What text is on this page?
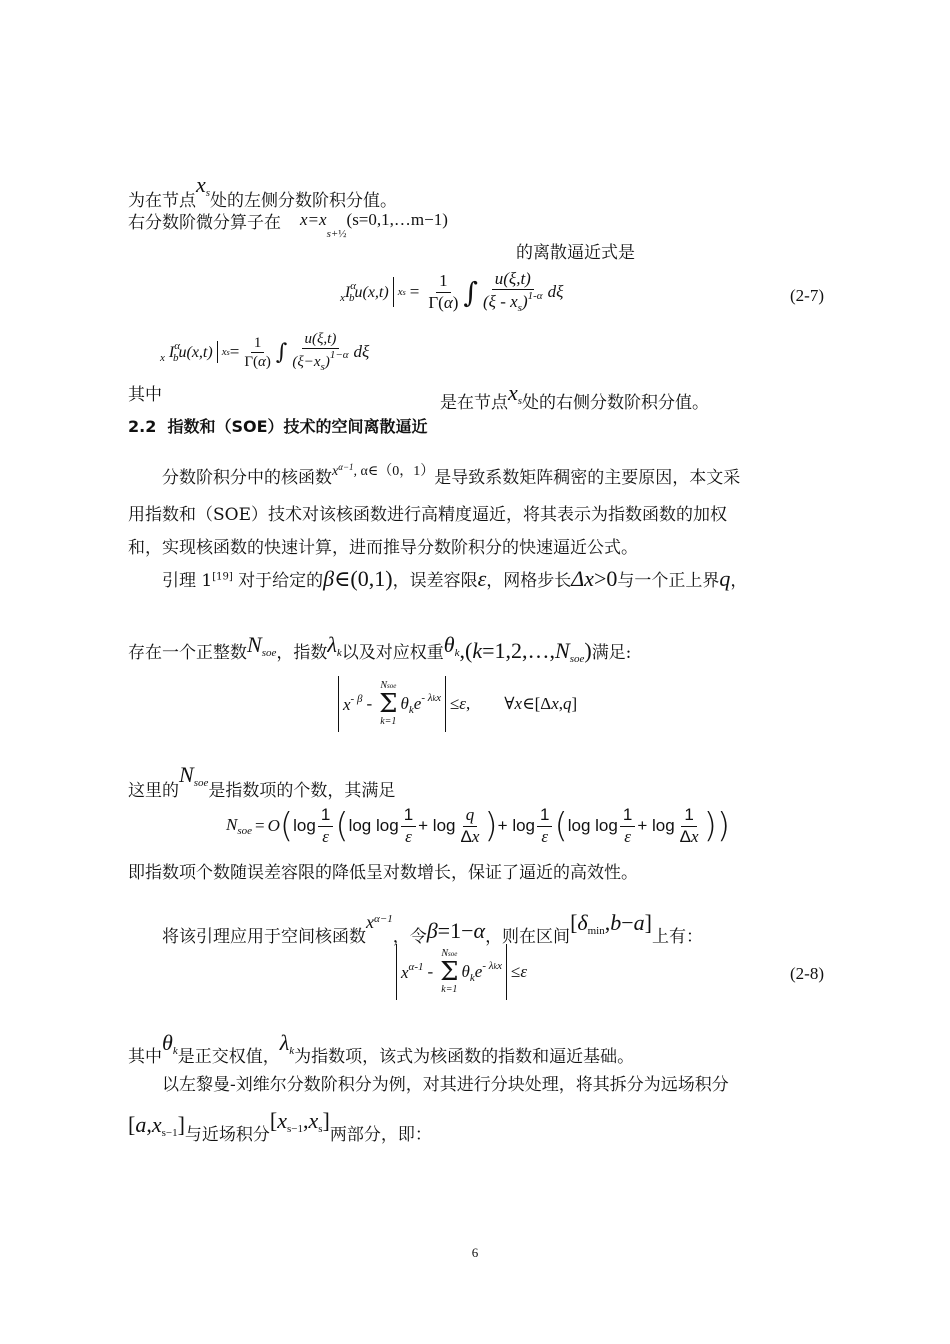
为在节点$x_s$处的左侧分数阶积分值。
右分数阶微分算子在 $x=x_{s+\frac{1}{2}}(s=0,1,\dots m-1)$
的离散逼近式是
$_xI^\alpha_bu(x,t)$ xs = $\frac{1}{\Gamma(\alpha)}$ ∫ $\frac{u(\xi,t)}{(\xi - x_s)^{1-\alpha}}$ dξ	(2-7)
$_x$ $I^\alpha_bu(x,t)$ xs = $\frac{1}{\Gamma(\alpha)}$ ∫ $\frac{u(\xi,t)}{(\xi-x_s)^{1-\alpha}}$ dξ
其中	是在节点$x_s$处的右侧分数阶积分值。
2.2 指数和（SOE）技术的空间离散逼近
分数阶积分中的核函数$^{x^{\alpha-1}, \alpha\in(0,1)}$是导致系数矩阵稠密的主要原因，本文采
用指数和（SOE）技术对该核函数进行高精度逼近，将其表示为指数函数的加权
和，实现核函数的快速计算，进而推导分数阶积分的快速逼近公式。
引理 1[19] 对于给定的β∈(0,1)，误差容限ε，网格步长Δx>0与一个正上界q，
存在一个正整数$N_{soe}$，指数$\lambda_k$以及对应权重$\theta_k,(k=1,2,\dots,N_{soe})$满足:
$x^{- \beta}$ -
Nsoe
Σ
k=1
$\theta_ke^{- \lambda kx} \le\varepsilon$, ∀x∈[Δx,q]
这里的$N_{soe}$是指数项的个数，其满足
$N_{soe} = O$ ( $\log \frac{1}{\varepsilon}$ ( $\log \log \frac{1}{\varepsilon} + \log \frac{q}{\Delta x}$ ) + $\log \frac{1}{\varepsilon}$ ( $\log \log \frac{1}{\varepsilon} + \log \frac{1}{\Delta x}$ ) )
即指数项个数随误差容限的降低呈对数增长，保证了逼近的高效性。
将该引理应用于空间核函数$x^{\alpha-1}$，令β=1−α，则在区间$[\delta_{min},b-a]$上有：
$x^{\alpha-1}$ -
Nsoe
Σ
k=1
$\theta_ke^{- \lambda kx} \le\varepsilon$	(2-8)
其中$\theta_k$是正交权值，$\lambda_k$为指数项，该式为核函数的指数和逼近基础。
以左黎曼-刘维尔分数阶积分为例，对其进行分块处理，将其拆分为远场积分
$[a,x_{s-1}]$与近场积分$[x_{s-1},x_s]$两部分，即：
6
